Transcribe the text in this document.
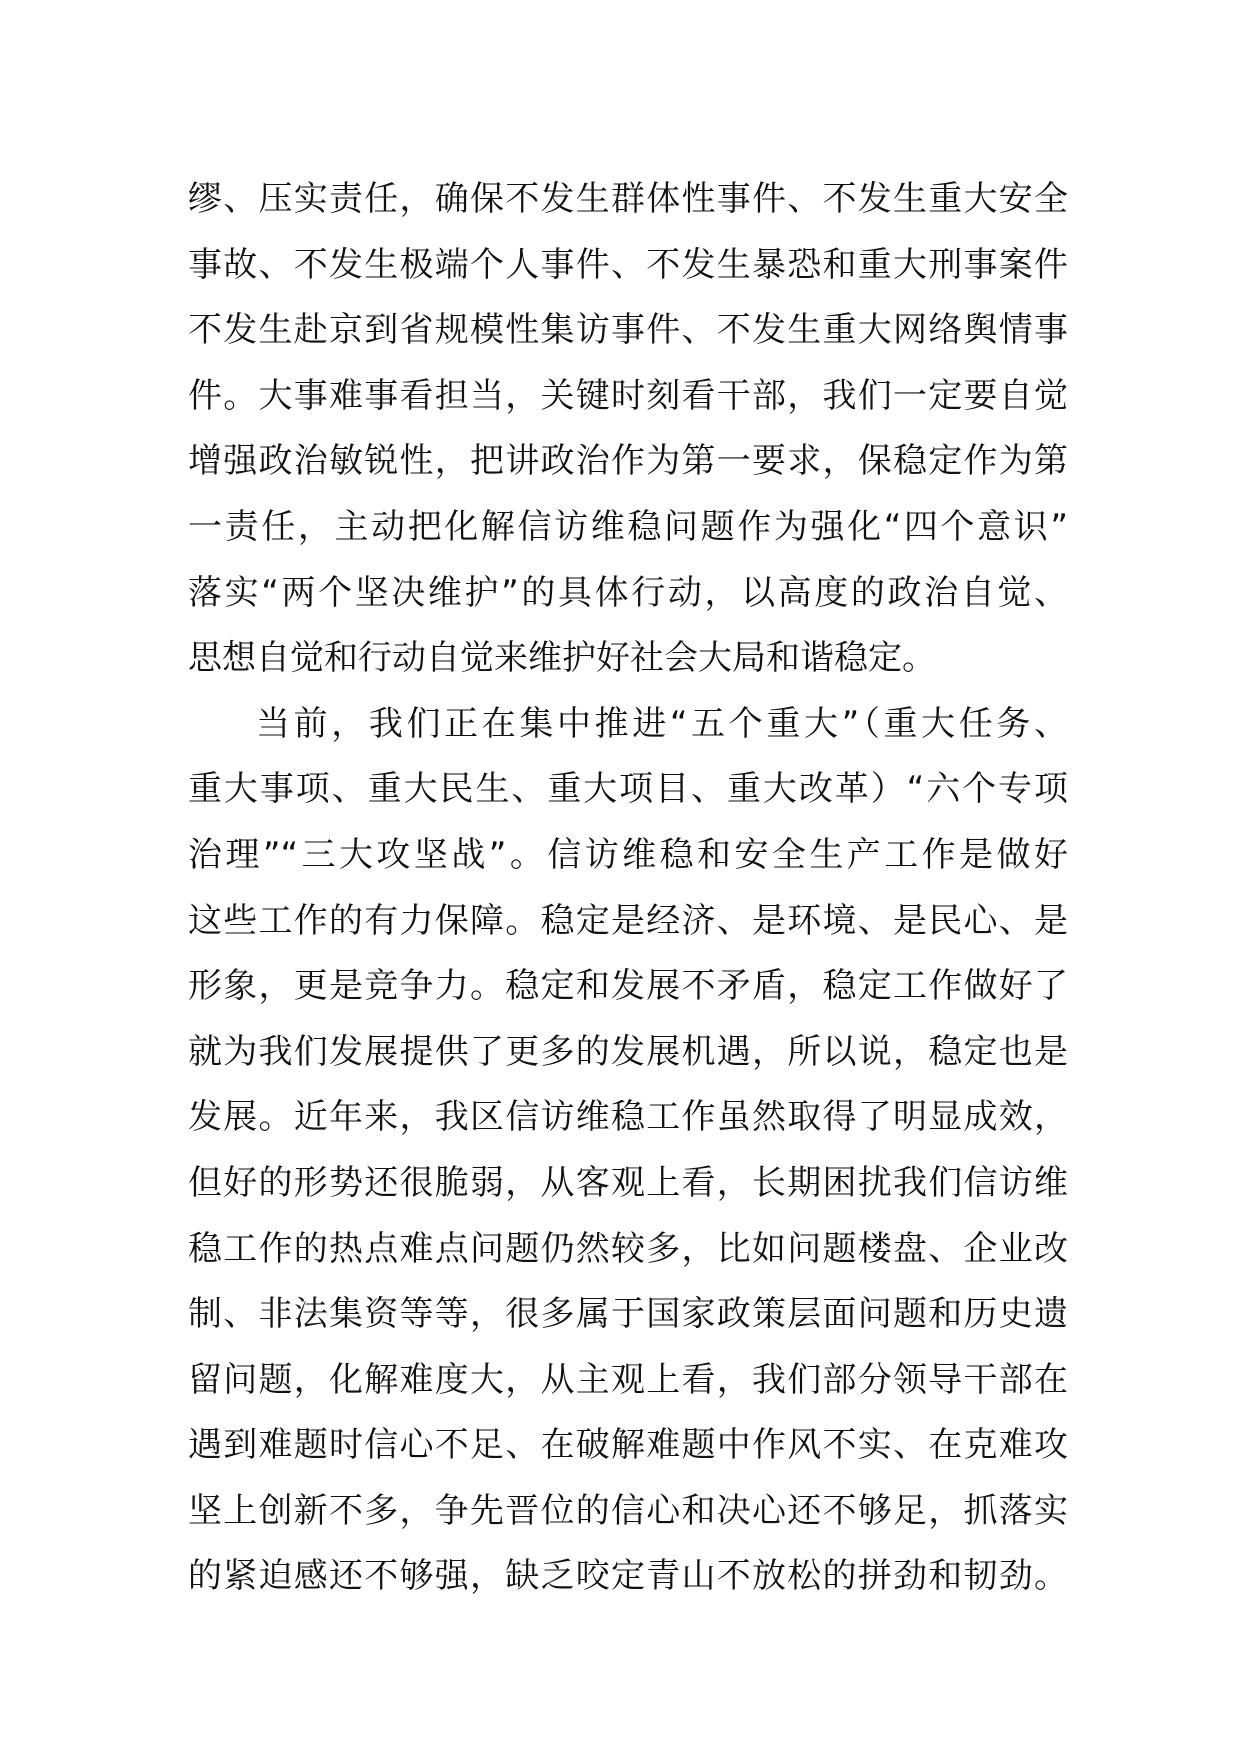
缪、压实责任，确保不发生群体性事件、不发生重大安全
事故、不发生极端个人事件、不发生暴恐和重大刑事案件
不发生赴京到省规模性集访事件、不发生重大网络舆情事
件。大事难事看担当，关键时刻看干部，我们一定要自觉
增强政治敏锐性，把讲政治作为第一要求，保稳定作为第
一责任，主动把化解信访维稳问题作为强化“四个意识”
落实“两个坚决维护”的具体行动，以高度的政治自觉、
思想自觉和行动自觉来维护好社会大局和谐稳定。
当前，我们正在集中推进“五个重大”（重大任务、
重大事项、重大民生、重大项目、重大改革）“六个专项
治理”“三大攻坚战”。信访维稳和安全生产工作是做好
这些工作的有力保障。稳定是经济、是环境、是民心、是
形象，更是竞争力。稳定和发展不矛盾，稳定工作做好了
就为我们发展提供了更多的发展机遇，所以说，稳定也是
发展。近年来，我区信访维稳工作虽然取得了明显成效，
但好的形势还很脆弱，从客观上看，长期困扰我们信访维
稳工作的热点难点问题仍然较多，比如问题楼盘、企业改
制、非法集资等等，很多属于国家政策层面问题和历史遗
留问题，化解难度大，从主观上看，我们部分领导干部在
遇到难题时信心不足、在破解难题中作风不实、在克难攻
坚上创新不多，争先晋位的信心和决心还不够足，抓落实
的紧迫感还不够强，缺乏咬定青山不放松的拼劲和韧劲。
